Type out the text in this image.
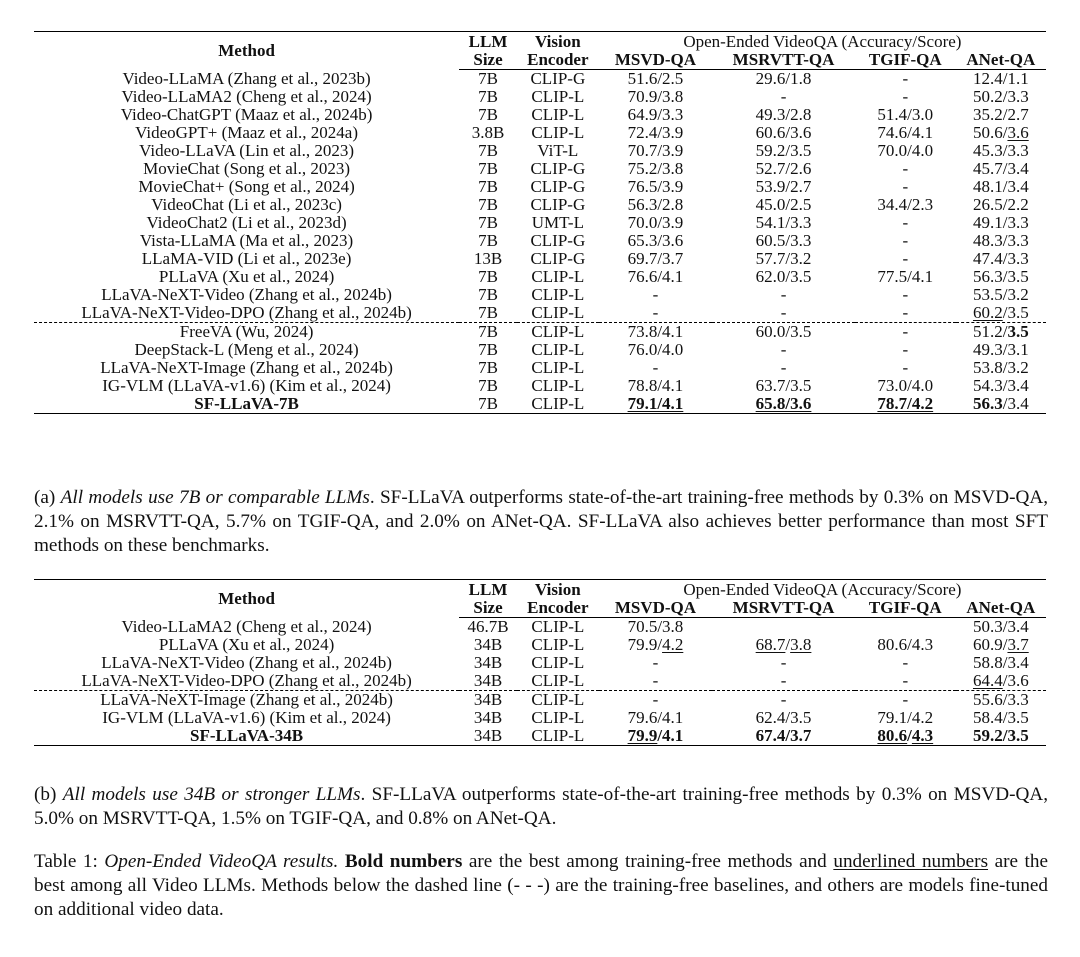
Method	LLM	Vision	Open-Ended VideoQA (Accuracy/Score)			
	Size	Encoder	MSVD-QA	MSRVTT-QA	TGIF-QA	ANet-QA
Video-LLaMA (Zhang et al., 2023b)	7B	CLIP-G	51.6/2.5	29.6/1.8	-	12.4/1.1
Video-LLaMA2 (Cheng et al., 2024)	7B	CLIP-L	70.9/3.8	-	-	50.2/3.3
Video-ChatGPT (Maaz et al., 2024b)	7B	CLIP-L	64.9/3.3	49.3/2.8	51.4/3.0	35.2/2.7
VideoGPT+ (Maaz et al., 2024a)	3.8B	CLIP-L	72.4/3.9	60.6/3.6	74.6/4.1	50.6/3.6
Video-LLaVA (Lin et al., 2023)	7B	ViT-L	70.7/3.9	59.2/3.5	70.0/4.0	45.3/3.3
MovieChat (Song et al., 2023)	7B	CLIP-G	75.2/3.8	52.7/2.6	-	45.7/3.4
MovieChat+ (Song et al., 2024)	7B	CLIP-G	76.5/3.9	53.9/2.7	-	48.1/3.4
VideoChat (Li et al., 2023c)	7B	CLIP-G	56.3/2.8	45.0/2.5	34.4/2.3	26.5/2.2
VideoChat2 (Li et al., 2023d)	7B	UMT-L	70.0/3.9	54.1/3.3	-	49.1/3.3
Vista-LLaMA (Ma et al., 2023)	7B	CLIP-G	65.3/3.6	60.5/3.3	-	48.3/3.3
LLaMA-VID (Li et al., 2023e)	13B	CLIP-G	69.7/3.7	57.7/3.2	-	47.4/3.3
PLLaVA (Xu et al., 2024)	7B	CLIP-L	76.6/4.1	62.0/3.5	77.5/4.1	56.3/3.5
LLaVA-NeXT-Video (Zhang et al., 2024b)	7B	CLIP-L	-	-	-	53.5/3.2
LLaVA-NeXT-Video-DPO (Zhang et al., 2024b)	7B	CLIP-L	-	-	-	60.2/3.5
FreeVA (Wu, 2024)	7B	CLIP-L	73.8/4.1	60.0/3.5	-	51.2/3.5
DeepStack-L (Meng et al., 2024)	7B	CLIP-L	76.0/4.0	-	-	49.3/3.1
LLaVA-NeXT-Image (Zhang et al., 2024b)	7B	CLIP-L	-	-	-	53.8/3.2
IG-VLM (LLaVA-v1.6) (Kim et al., 2024)	7B	CLIP-L	78.8/4.1	63.7/3.5	73.0/4.0	54.3/3.4
SF-LLaVA-7B	7B	CLIP-L	79.1/4.1	65.8/3.6	78.7/4.2	56.3/3.4

(a) All models use 7B or comparable LLMs. SF-LLaVA outperforms state-of-the-art training-free methods by 0.3% on MSVD-QA, 2.1% on MSRVTT-QA, 5.7% on TGIF-QA, and 2.0% on ANet-QA. SF-LLaVA also achieves better performance than most SFT methods on these benchmarks.

Method	LLM	Vision	Open-Ended VideoQA (Accuracy/Score)			
	Size	Encoder	MSVD-QA	MSRVTT-QA	TGIF-QA	ANet-QA
Video-LLaMA2 (Cheng et al., 2024)	46.7B	CLIP-L	70.5/3.8			50.3/3.4
PLLaVA (Xu et al., 2024)	34B	CLIP-L	79.9/4.2	68.7/3.8	80.6/4.3	60.9/3.7
LLaVA-NeXT-Video (Zhang et al., 2024b)	34B	CLIP-L	-	-	-	58.8/3.4
LLaVA-NeXT-Video-DPO (Zhang et al., 2024b)	34B	CLIP-L	-	-	-	64.4/3.6
LLaVA-NeXT-Image (Zhang et al., 2024b)	34B	CLIP-L	-	-	-	55.6/3.3
IG-VLM (LLaVA-v1.6) (Kim et al., 2024)	34B	CLIP-L	79.6/4.1	62.4/3.5	79.1/4.2	58.4/3.5
SF-LLaVA-34B	34B	CLIP-L	79.9/4.1	67.4/3.7	80.6/4.3	59.2/3.5

(b) All models use 34B or stronger LLMs. SF-LLaVA outperforms state-of-the-art training-free methods by 0.3% on MSVD-QA, 5.0% on MSRVTT-QA, 1.5% on TGIF-QA, and 0.8% on ANet-QA.

Table 1: Open-Ended VideoQA results. Bold numbers are the best among training-free methods and underlined numbers are the best among all Video LLMs. Methods below the dashed line (- - -) are the training-free baselines, and others are models fine-tuned on additional video data.
